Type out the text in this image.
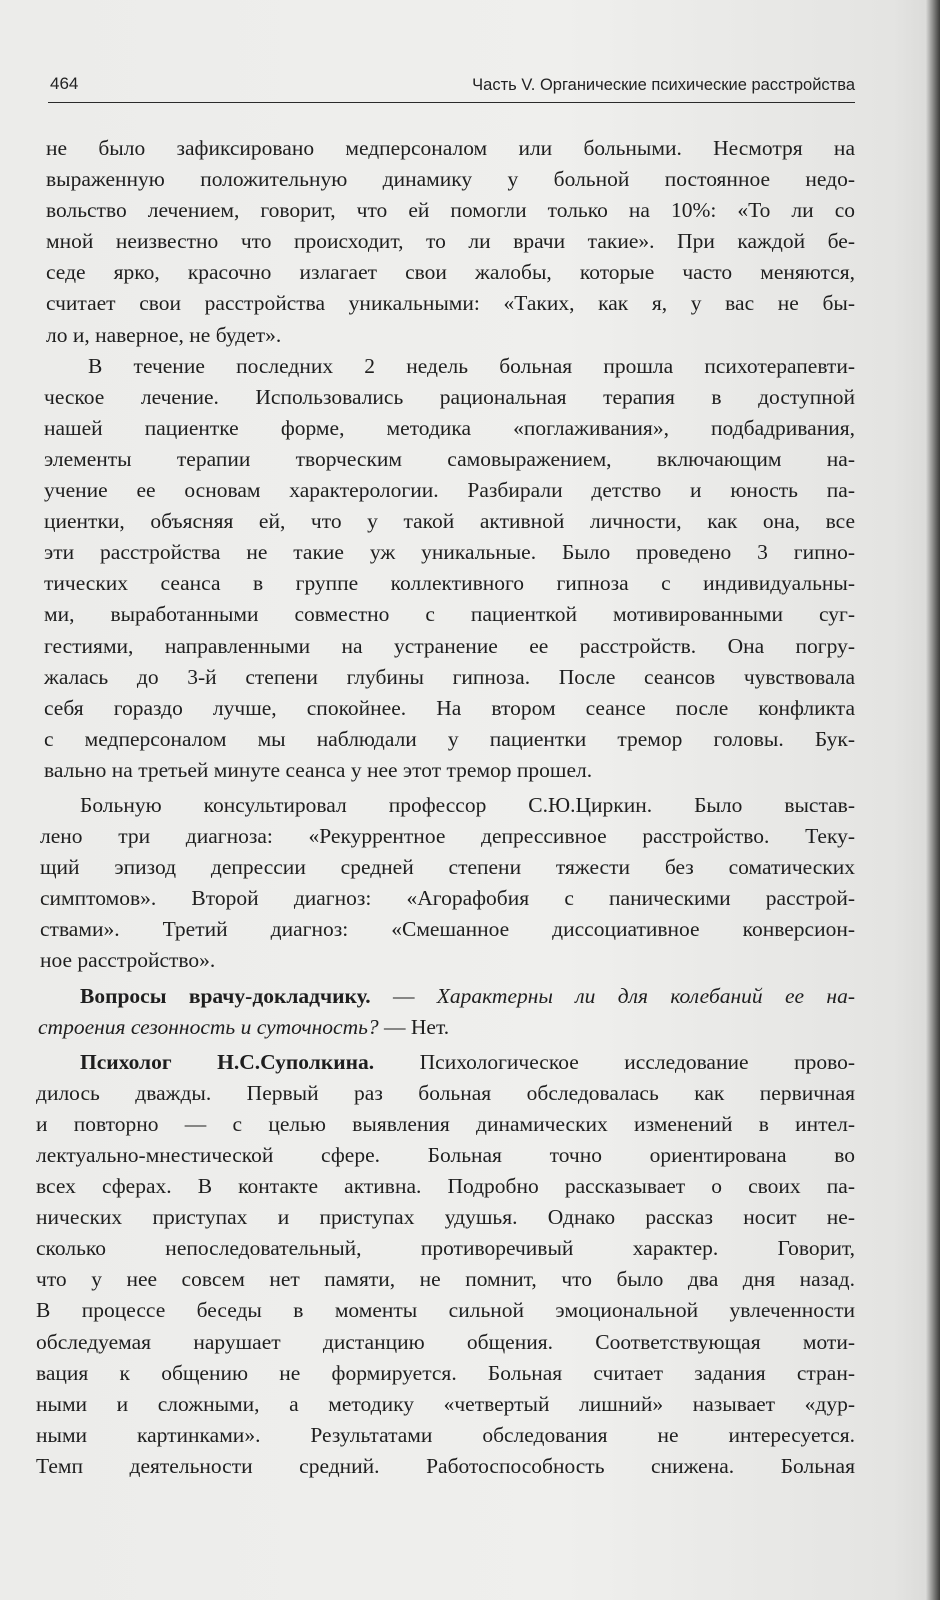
464	Часть V. Органические психические расстройства
не было зафиксировано медперсоналом или больными. Несмотря на
выраженную положительную динамику у больной постоянное недо-
вольство лечением, говорит, что ей помогли только на 10%: «То ли со
мной неизвестно что происходит, то ли врачи такие». При каждой бе-
седе ярко, красочно излагает свои жалобы, которые часто меняются,
считает свои расстройства уникальными: «Таких, как я, у вас не бы-
ло и, наверное, не будет».
В течение последних 2 недель больная прошла психотерапевти-
ческое лечение. Использовались рациональная терапия в доступной
нашей пациентке форме, методика «поглаживания», подбадривания,
элементы терапии творческим самовыражением, включающим на-
учение ее основам характерологии. Разбирали детство и юность па-
циентки, объясняя ей, что у такой активной личности, как она, все
эти расстройства не такие уж уникальные. Было проведено 3 гипно-
тических сеанса в группе коллективного гипноза с индивидуальны-
ми, выработанными совместно с пациенткой мотивированными суг-
гестиями, направленными на устранение ее расстройств. Она погру-
жалась до 3-й степени глубины гипноза. После сеансов чувствовала
себя гораздо лучше, спокойнее. На втором сеансе после конфликта
с медперсоналом мы наблюдали у пациентки тремор головы. Бук-
вально на третьей минуте сеанса у нее этот тремор прошел.
Больную консультировал профессор С.Ю.Циркин. Было выстав-
лено три диагноза: «Рекуррентное депрессивное расстройство. Теку-
щий эпизод депрессии средней степени тяжести без соматических
симптомов». Второй диагноз: «Агорафобия с паническими расстрой-
ствами». Третий диагноз: «Смешанное диссоциативное конверсион-
ное расстройство».
Вопросы врачу-докладчику. — Характерны ли для колебаний ее на-
строения сезонность и суточность? — Нет.
Психолог Н.С.Суполкина. Психологическое исследование прово-
дилось дважды. Первый раз больная обследовалась как первичная
и повторно — с целью выявления динамических изменений в интел-
лектуально-мнестической сфере. Больная точно ориентирована во
всех сферах. В контакте активна. Подробно рассказывает о своих па-
нических приступах и приступах удушья. Однако рассказ носит не-
сколько непоследовательный, противоречивый характер. Говорит,
что у нее совсем нет памяти, не помнит, что было два дня назад.
В процессе беседы в моменты сильной эмоциональной увлеченности
обследуемая нарушает дистанцию общения. Соответствующая моти-
вация к общению не формируется. Больная считает задания стран-
ными и сложными, а методику «четвертый лишний» называет «дур-
ными картинками». Результатами обследования не интересуется.
Темп деятельности средний. Работоспособность снижена. Больная
